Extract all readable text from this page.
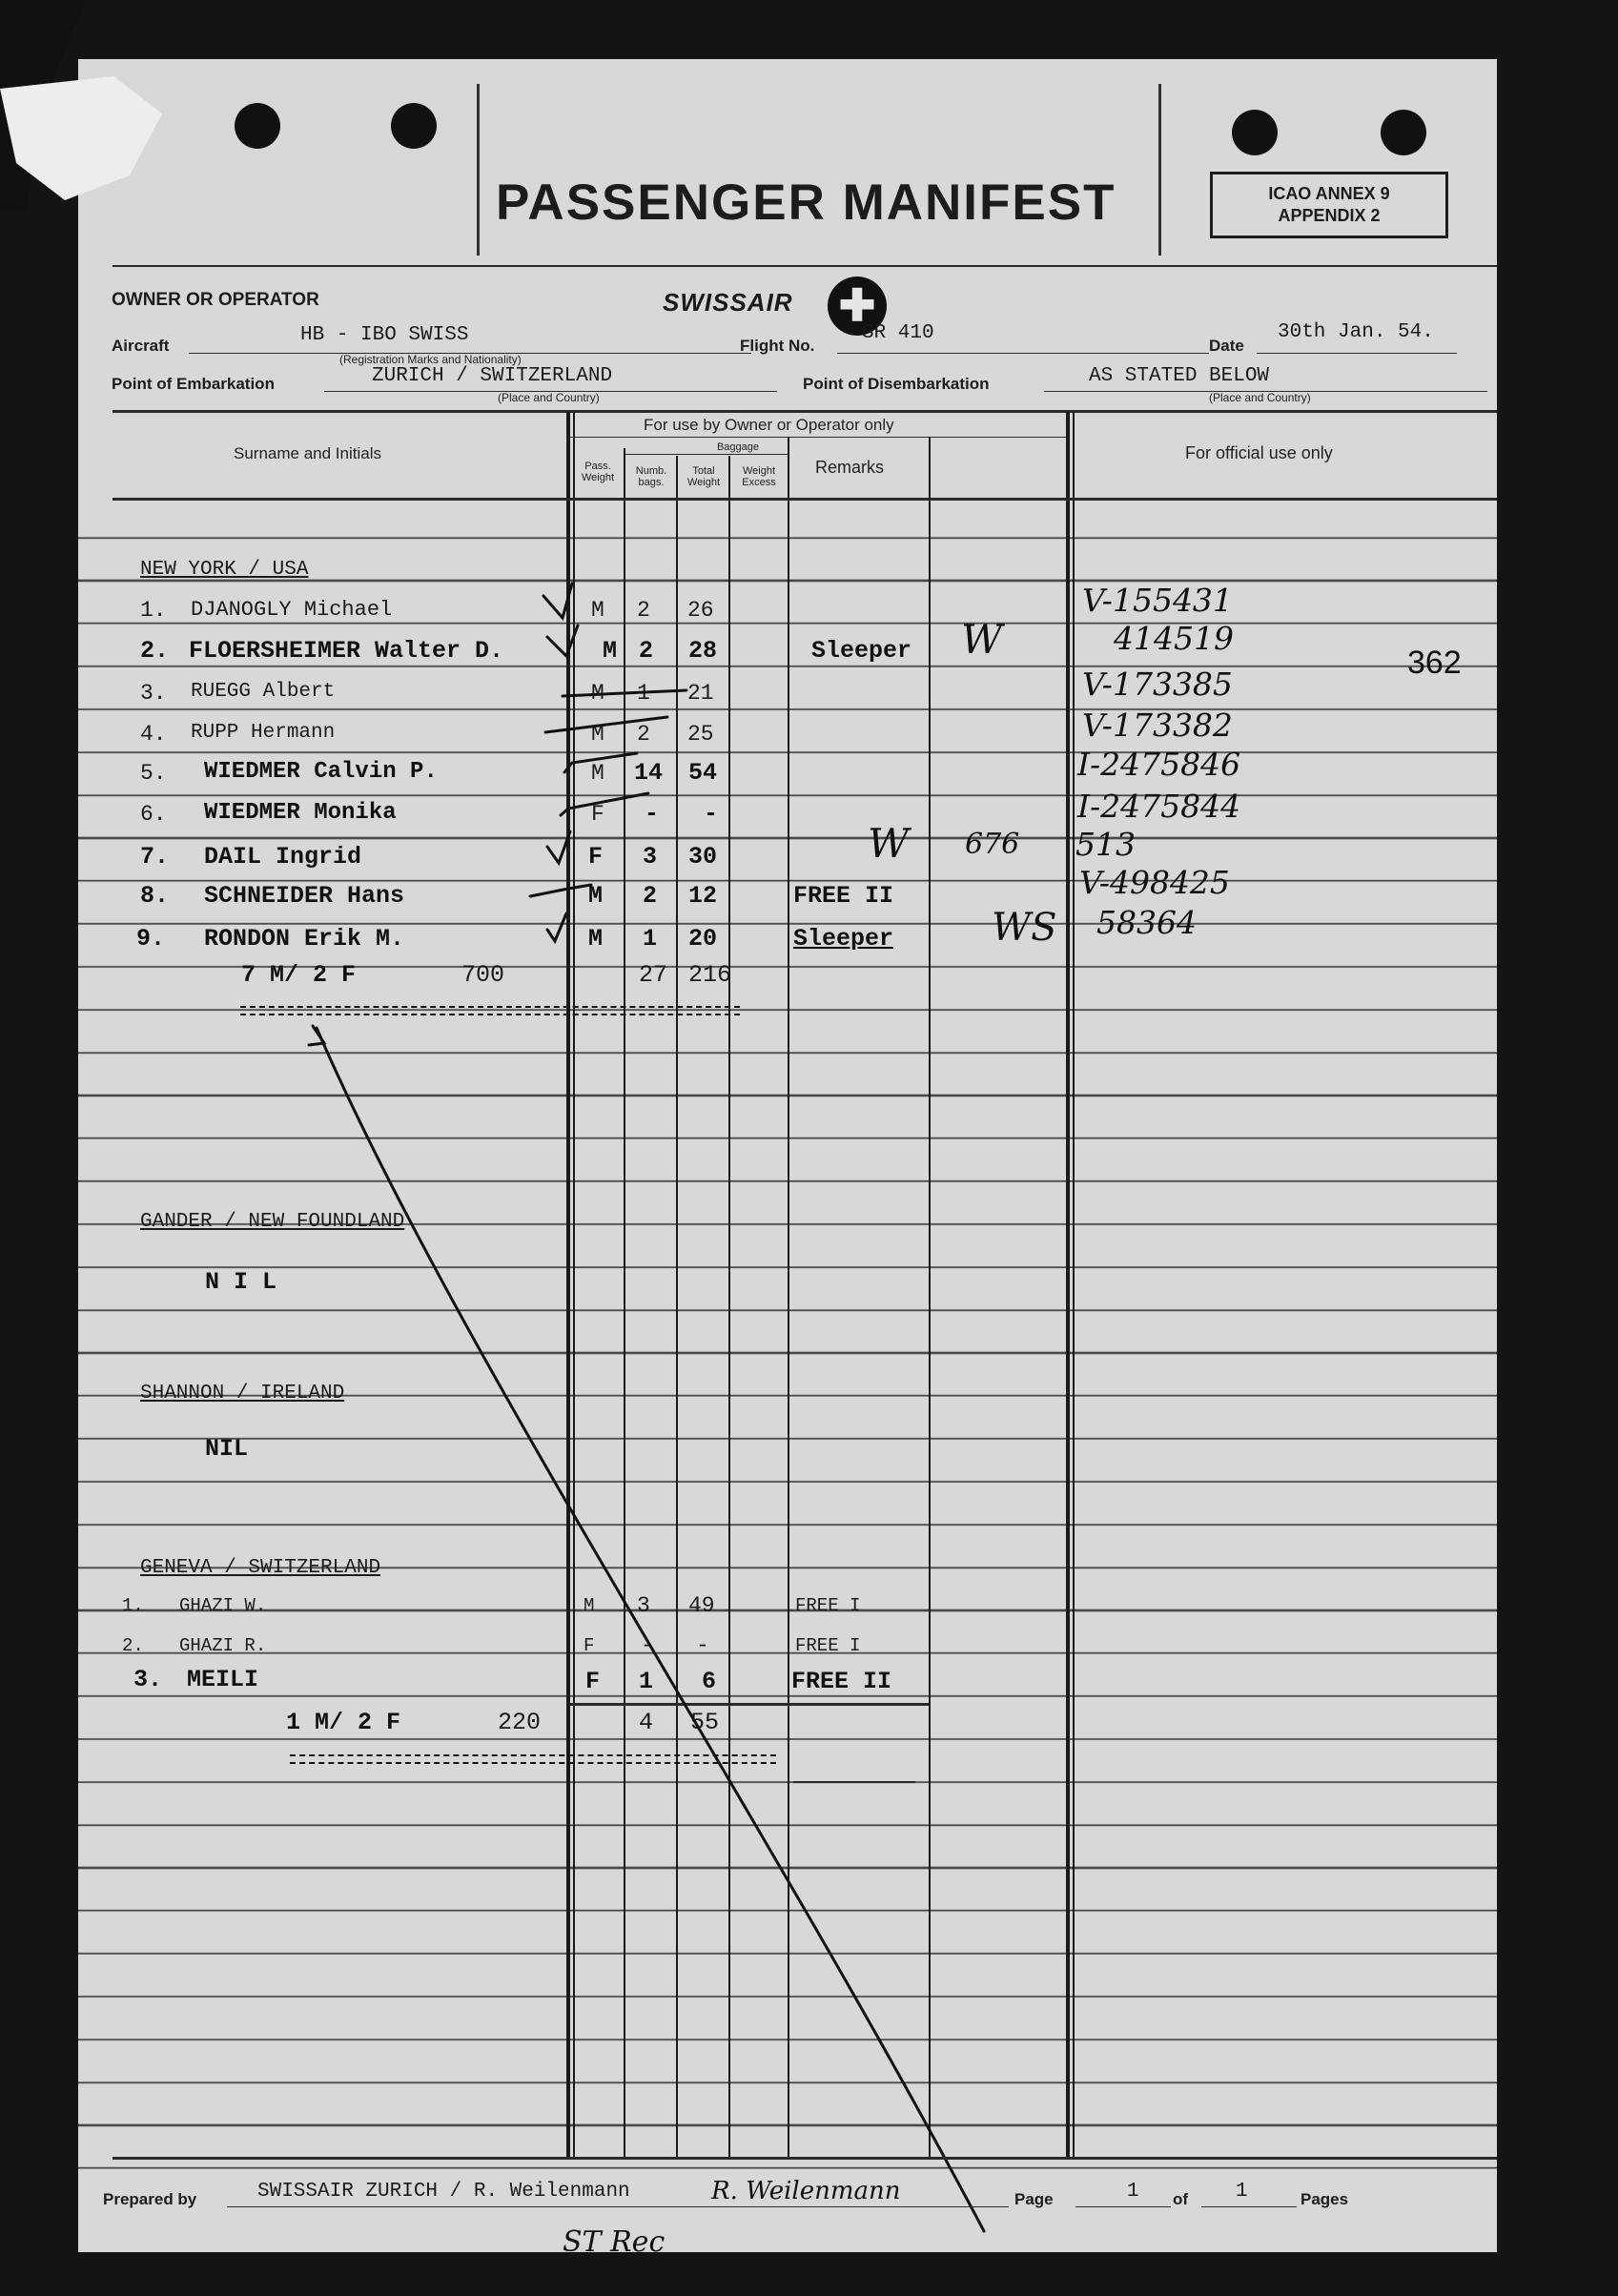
PASSENGER MANIFEST	ICAO ANNEX 9
APPENDIX 2
OWNER OR OPERATOR	SWISSAIR ✚
Aircraft	HB - IBO SWISS
(Registration Marks and Nationality)
Flight No.
SR 410
Date
30th Jan. 54.
Point of Embarkation	ZURICH / SWITZERLAND
(Place and Country)
Point of Disembarkation	AS STATED BELOW
(Place and Country)
Surname and Initials
For use by Owner or Operator only
Baggage
Pass. Weight
Numb. bags.
Total Weight
Weight Excess
Remarks
For official use only
362
NEW YORK / USA
1. DJANOGLY Michael	M 2 26	V-155431
2. FLOERSHEIMER Walter D.	M 2 28	Sleeper W	414519
3. RUEGG Albert	M 1 21	V-173385
4. RUPP Hermann	M 2 25	V-173382
5. WIEDMER Calvin P.	M 14 54	I-2475846
6. WIEDMER Monika	F - -	I-2475844
7. DAIL Ingrid	F 3 30	W 676 513
8. SCHNEIDER Hans	M 2 12	FREE II	V-498425
9. RONDON Erik M.	M 1 20	Sleeper	WS 58364
7 M/ 2 F	700	27 216
GANDER / NEW FOUNDLAND
N I L
SHANNON / IRELAND
NIL
GENEVA / SWITZERLAND
1. GHAZI W.	M 3 49	FREE I
2. GHAZI R.	F - -	FREE I
3. MEILI	F 1 6	FREE II
1 M/ 2 F	220	4 55
Prepared by	SWISSAIR ZURICH / R. Weilenmann	R. Weilenmann	Page	1 of 1	Pages
ST Rec
